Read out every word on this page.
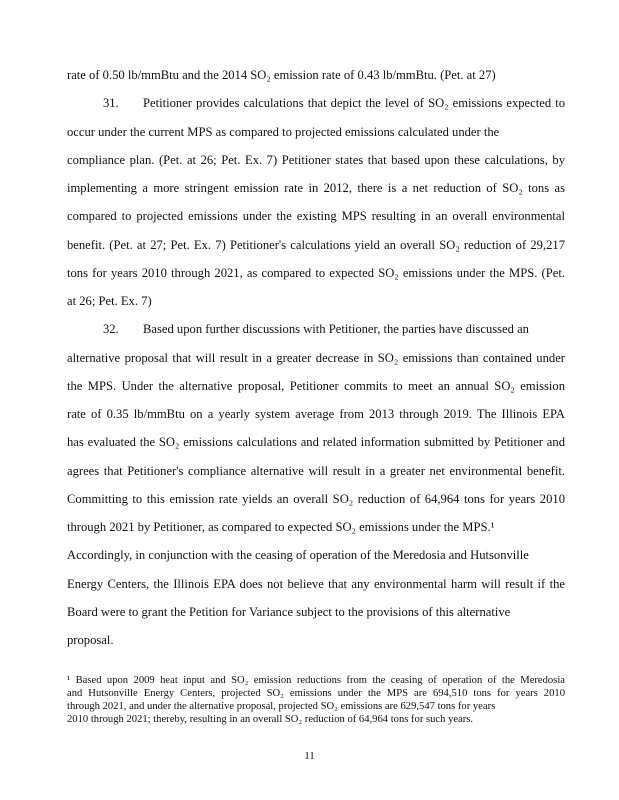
rate of 0.50 lb/mmBtu and the 2014 SO₂ emission rate of 0.43 lb/mmBtu. (Pet. at 27)
31. Petitioner provides calculations that depict the level of SO₂ emissions expected to
occur under the current MPS as compared to projected emissions calculated under the
compliance plan. (Pet. at 26; Pet. Ex. 7) Petitioner states that based upon these calculations, by
implementing a more stringent emission rate in 2012, there is a net reduction of SO₂ tons as
compared to projected emissions under the existing MPS resulting in an overall environmental
benefit. (Pet. at 27; Pet. Ex. 7) Petitioner's calculations yield an overall SO₂ reduction of 29,217
tons for years 2010 through 2021, as compared to expected SO₂ emissions under the MPS. (Pet.
at 26; Pet. Ex. 7)
32. Based upon further discussions with Petitioner, the parties have discussed an
alternative proposal that will result in a greater decrease in SO₂ emissions than contained under
the MPS. Under the alternative proposal, Petitioner commits to meet an annual SO₂ emission
rate of 0.35 lb/mmBtu on a yearly system average from 2013 through 2019. The Illinois EPA
has evaluated the SO₂ emissions calculations and related information submitted by Petitioner and
agrees that Petitioner's compliance alternative will result in a greater net environmental benefit.
Committing to this emission rate yields an overall SO₂ reduction of 64,964 tons for years 2010
through 2021 by Petitioner, as compared to expected SO₂ emissions under the MPS.¹
Accordingly, in conjunction with the ceasing of operation of the Meredosia and Hutsonville
Energy Centers, the Illinois EPA does not believe that any environmental harm will result if the
Board were to grant the Petition for Variance subject to the provisions of this alternative
proposal.
¹ Based upon 2009 heat input and SO₂ emission reductions from the ceasing of operation of the Meredosia
and Hutsonville Energy Centers, projected SO₂ emissions under the MPS are 694,510 tons for years 2010
through 2021, and under the alternative proposal, projected SO₂ emissions are 629,547 tons for years
2010 through 2021; thereby, resulting in an overall SO₂ reduction of 64,964 tons for such years.
11
